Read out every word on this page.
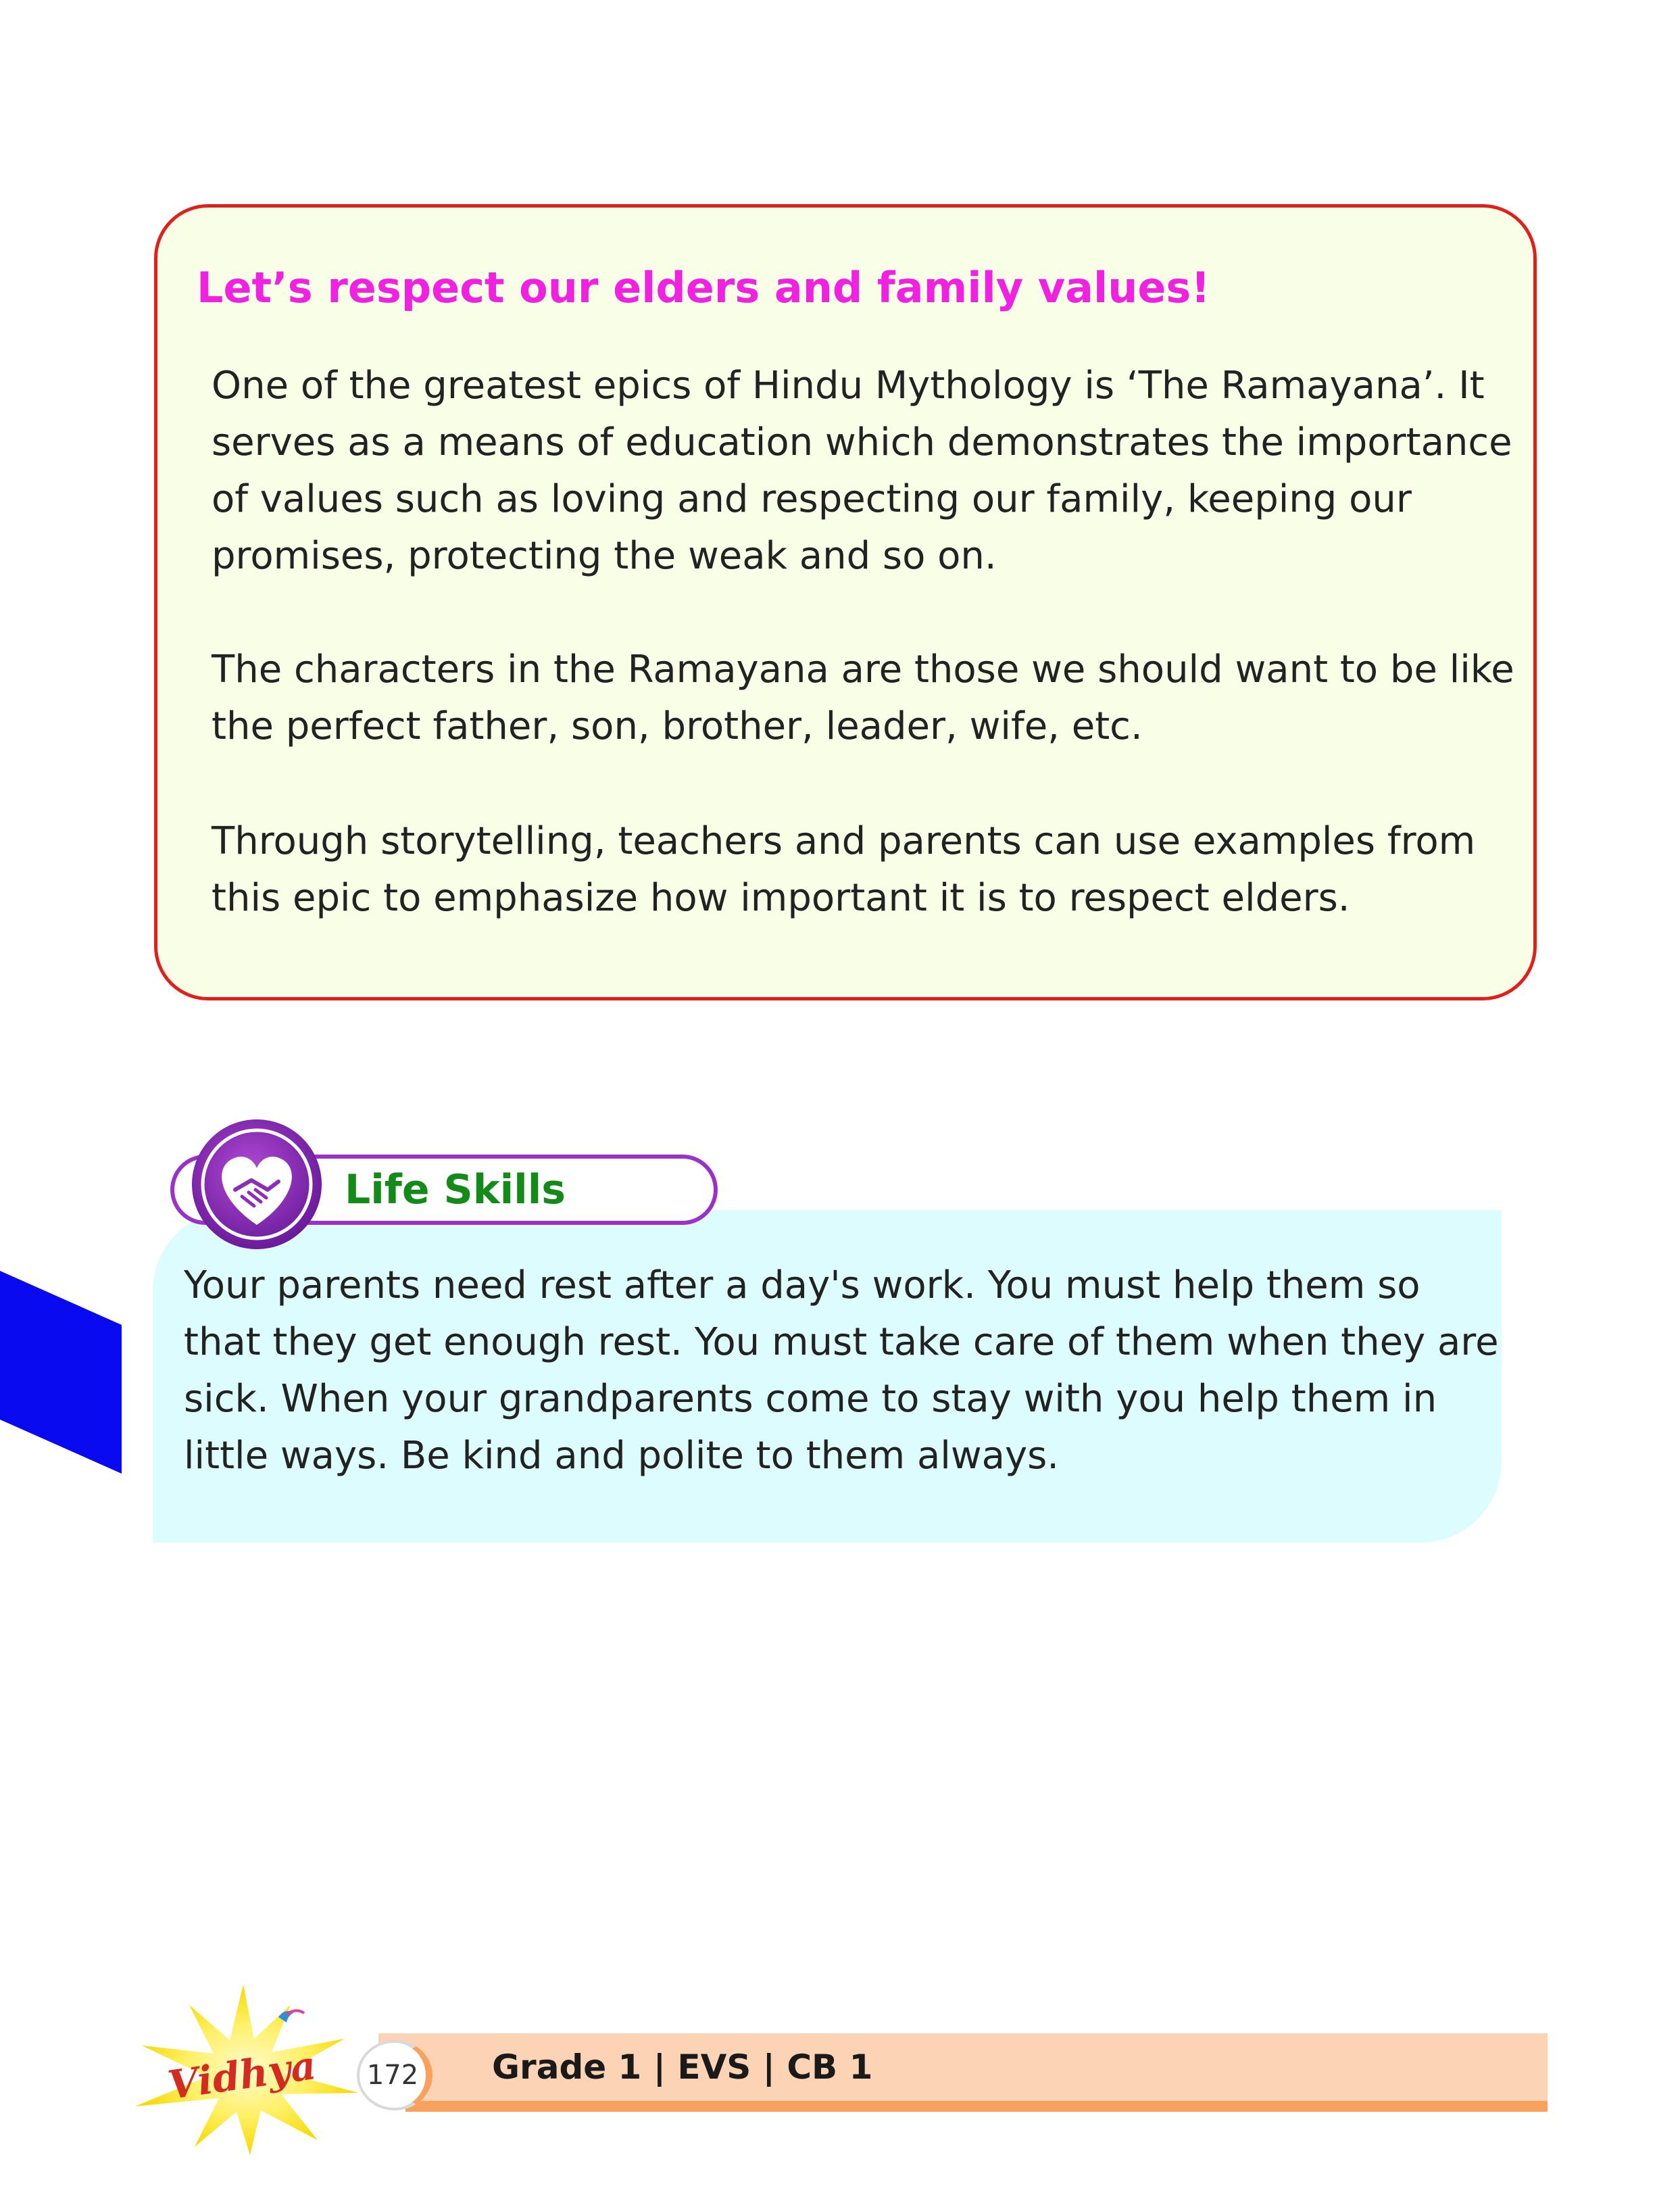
Let’s respect our elders and family values!

One of the greatest epics of Hindu Mythology is ‘The Ramayana’. It serves as a means of education which demonstrates the importance of values such as loving and respecting our family, keeping our promises, protecting the weak and so on.

The characters in the Ramayana are those we should want to be like the perfect father, son, brother, leader, wife, etc.

Through storytelling, teachers and parents can use examples from this epic to emphasize how important it is to respect elders.

Life Skills

Your parents need rest after a day's work. You must help them so that they get enough rest. You must take care of them when they are sick. When your grandparents come to stay with you help them in little ways. Be kind and polite to them always.

Vidhya	172	Grade 1 | EVS | CB 1
